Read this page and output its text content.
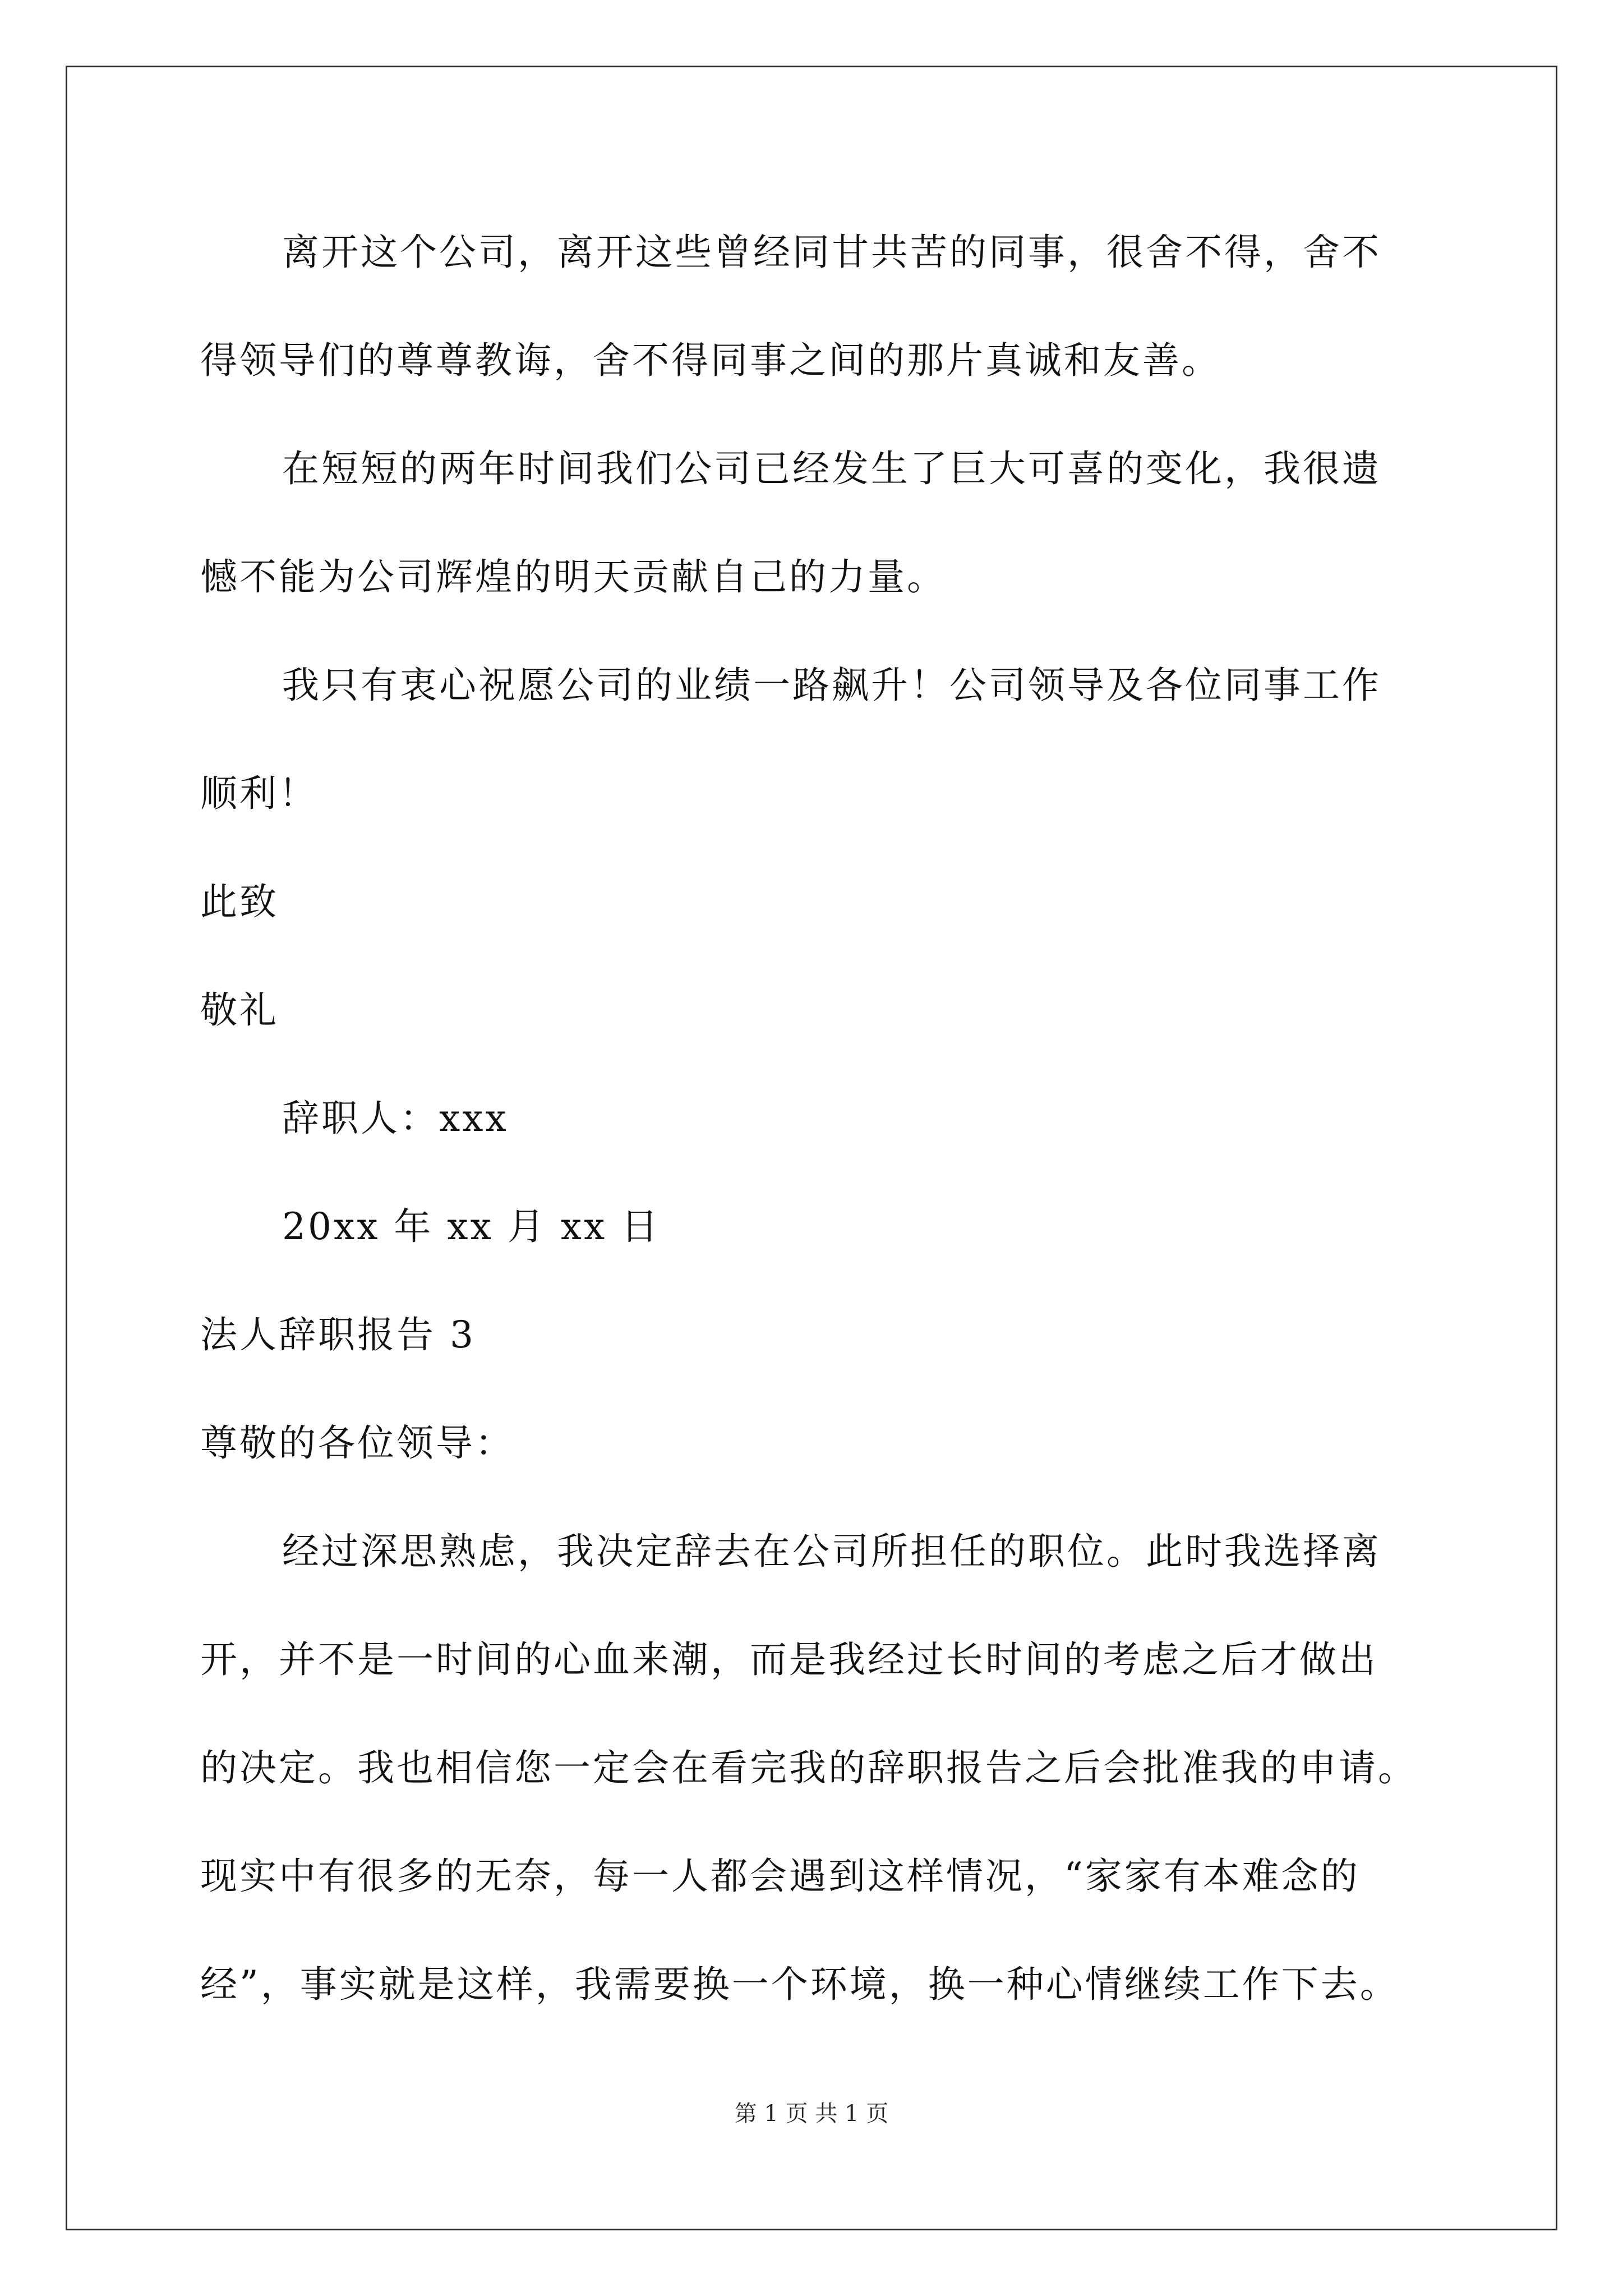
离开这个公司，离开这些曾经同甘共苦的同事，很舍不得，舍不
得领导们的尊尊教诲，舍不得同事之间的那片真诚和友善。
在短短的两年时间我们公司已经发生了巨大可喜的变化，我很遗
憾不能为公司辉煌的明天贡献自己的力量。
我只有衷心祝愿公司的业绩一路飙升！公司领导及各位同事工作
顺利！
此致
敬礼
辞职人：xxx
20xx 年 xx 月 xx 日
法人辞职报告 3
尊敬的各位领导：
经过深思熟虑，我决定辞去在公司所担任的职位。此时我选择离
开，并不是一时间的心血来潮，而是我经过长时间的考虑之后才做出
的决定。我也相信您一定会在看完我的辞职报告之后会批准我的申请。
现实中有很多的无奈，每一人都会遇到这样情况，“家家有本难念的
经”，事实就是这样，我需要换一个环境，换一种心情继续工作下去。
第 1 页 共 1 页
